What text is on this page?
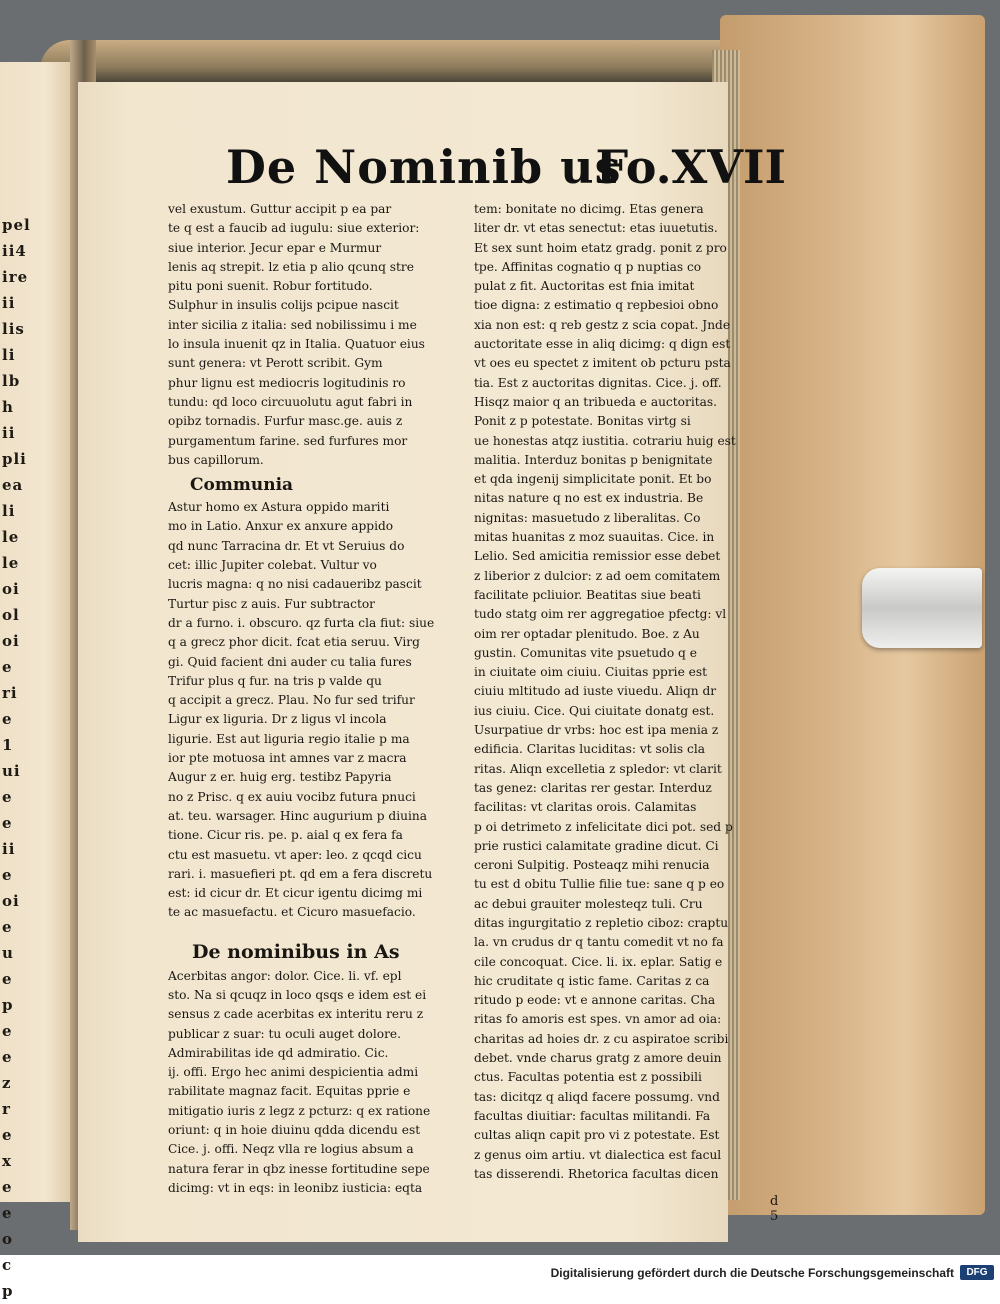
pel
ii4
ire
ii
lis
li
lb
h
ii
pli
ea
li
le
le
oi
ol
oi
e
ri
e
1
ui
e
e
ii
e
oi
e
u
e
p
e
e
z
r
e
x
e
e
o
c
p
De Nominib us
Fo.XVII
vel exustum. Guttur accipit p ea par
te q est a faucib ad iugulu: siue exterior:
siue interior. Jecur epar e Murmur
lenis aq strepit. lz etia p alio qcunq stre
pitu poni suenit. Robur fortitudo.
Sulphur in insulis colijs pcipue nascit
inter sicilia z italia: sed nobilissimu i me
lo insula inuenit qz in Italia. Quatuor eius
sunt genera: vt Perott scribit. Gym
phur lignu est mediocris logitudinis ro
tundu: qd loco circuuolutu agut fabri in
opibz tornadis. Furfur masc.ge. auis z
purgamentum farine. sed furfures mor
bus capillorum.
Communia
Astur homo ex Astura oppido mariti
mo in Latio. Anxur ex anxure appido
qd nunc Tarracina dr. Et vt Seruius do
cet: illic Jupiter colebat. Vultur vo
lucris magna: q no nisi cadaueribz pascit
Turtur pisc z auis. Fur subtractor
dr a furno. i. obscuro. qz furta cla fiut: siue
q a grecz phor dicit. fcat etia seruu. Virg
gi. Quid facient dni auder cu talia fures
Trifur plus q fur. na tris p valde qu
q accipit a grecz. Plau. No fur sed trifur
Ligur ex liguria. Dr z ligus vl incola
ligurie. Est aut liguria regio italie p ma
ior pte motuosa int amnes var z macra
Augur z er. huig erg. testibz Papyria
no z Prisc. q ex auiu vocibz futura pnuci
at. teu. warsager. Hinc augurium p diuina
tione. Cicur ris. pe. p. aial q ex fera fa
ctu est masuetu. vt aper: leo. z qcqd cicu
rari. i. masuefieri pt. qd em a fera discretu
est: id cicur dr. Et cicur igentu dicimg mi
te ac masuefactu. et Cicuro masuefacio.
De nominibus in As
Acerbitas angor: dolor. Cice. li. vf. epl
sto. Na si qcuqz in loco qsqs e idem est ei
sensus z cade acerbitas ex interitu reru z
publicar z suar: tu oculi auget dolore.
Admirabilitas ide qd admiratio. Cic.
ij. offi. Ergo hec animi despicientia admi
rabilitate magnaz facit. Equitas pprie e
mitigatio iuris z legz z pcturz: q ex ratione
oriunt: q in hoie diuinu qdda dicendu est
Cice. j. offi. Neqz vlla re logius absum a
natura ferar in qbz inesse fortitudine sepe
dicimg: vt in eqs: in leonibz iusticia: eqta
tem: bonitate no dicimg. Etas genera
liter dr. vt etas senectut: etas iuuetutis.
Et sex sunt hoim etatz gradg. ponit z pro
tpe. Affinitas cognatio q p nuptias co
pulat z fit. Auctoritas est fnia imitat
tioe digna: z estimatio q repbesioi obno
xia non est: q reb gestz z scia copat. Jnde
auctoritate esse in aliq dicimg: q dign est
vt oes eu spectet z imitent ob pcturu psta
tia. Est z auctoritas dignitas. Cice. j. off.
Hisqz maior q an tribueda e auctoritas.
Ponit z p potestate. Bonitas virtg si
ue honestas atqz iustitia. cotrariu huig est
malitia. Interduz bonitas p benignitate
et qda ingenij simplicitate ponit. Et bo
nitas nature q no est ex industria. Be
nignitas: masuetudo z liberalitas. Co
mitas huanitas z moz suauitas. Cice. in
Lelio. Sed amicitia remissior esse debet
z liberior z dulcior: z ad oem comitatem
facilitate pcliuior. Beatitas siue beati
tudo statg oim rer aggregatioe pfectg: vl
oim rer optadar plenitudo. Boe. z Au
gustin. Comunitas vite psuetudo q e
in ciuitate oim ciuiu. Ciuitas pprie est
ciuiu mltitudo ad iuste viuedu. Aliqn dr
ius ciuiu. Cice. Qui ciuitate donatg est.
Usurpatiue dr vrbs: hoc est ipa menia z
edificia. Claritas luciditas: vt solis cla
ritas. Aliqn excelletia z spledor: vt clarit
tas genez: claritas rer gestar. Interduz
facilitas: vt claritas orois. Calamitas
p oi detrimeto z infelicitate dici pot. sed p
prie rustici calamitate gradine dicut. Ci
ceroni Sulpitig. Posteaqz mihi renucia
tu est d obitu Tullie filie tue: sane q p eo
ac debui grauiter molesteqz tuli. Cru
ditas ingurgitatio z repletio ciboz: craptu
la. vn crudus dr q tantu comedit vt no fa
cile concoquat. Cice. li. ix. eplar. Satig e
hic cruditate q istic fame. Caritas z ca
ritudo p eode: vt e annone caritas. Cha
ritas fo amoris est spes. vn amor ad oia:
charitas ad hoies dr. z cu aspiratoe scribi
debet. vnde charus gratg z amore deuin
ctus. Facultas potentia est z possibili
tas: dicitqz q aliqd facere possumg. vnd
facultas diuitiar: facultas militandi. Fa
cultas aliqn capit pro vi z potestate. Est
z genus oim artiu. vt dialectica est facul
tas disserendi. Rhetorica facultas dicen
d 5
Digitalisierung gefördert durch die Deutsche Forschungsgemeinschaft	DFG
